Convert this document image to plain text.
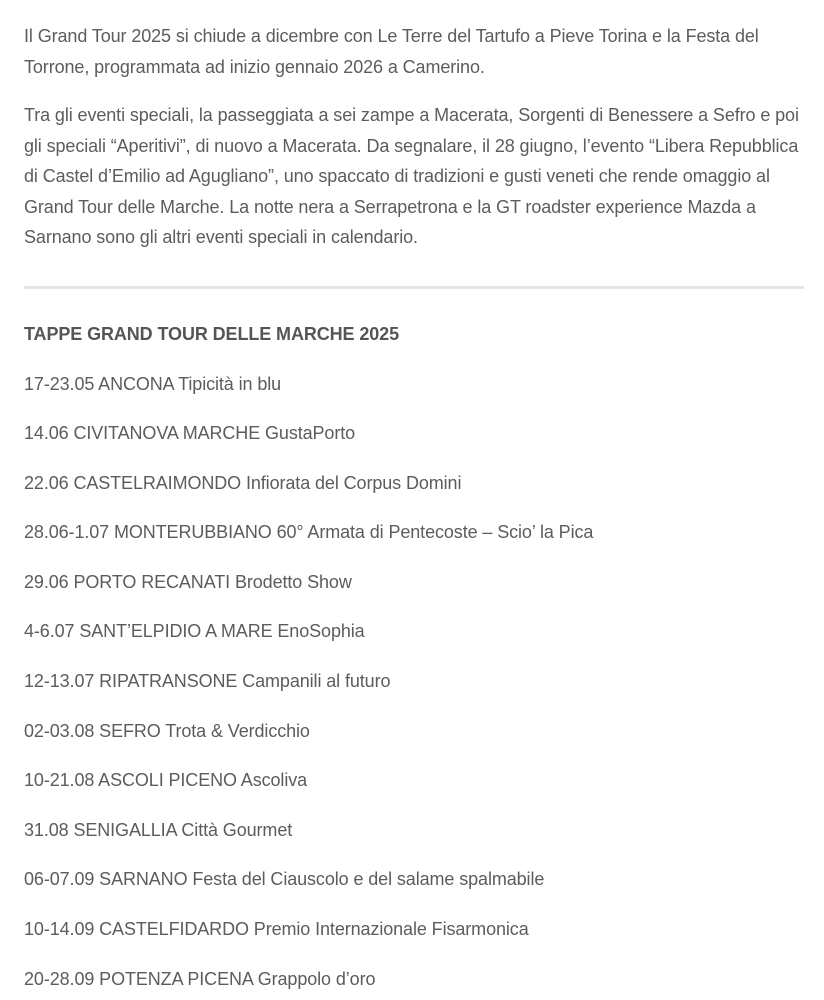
Il Grand Tour 2025 si chiude a dicembre con Le Terre del Tartufo a Pieve Torina e la Festa del Torrone, programmata ad inizio gennaio 2026 a Camerino.

Tra gli eventi speciali, la passeggiata a sei zampe a Macerata, Sorgenti di Benessere a Sefro e poi gli speciali “Aperitivi”, di nuovo a Macerata. Da segnalare, il 28 giugno, l’evento “Libera Repubblica di Castel d’Emilio ad Agugliano”, uno spaccato di tradizioni e gusti veneti che rende omaggio al Grand Tour delle Marche. La notte nera a Serrapetrona e la GT roadster experience Mazda a Sarnano sono gli altri eventi speciali in calendario.

TAPPE GRAND TOUR DELLE MARCHE 2025
17-23.05 ANCONA Tipicità in blu
14.06 CIVITANOVA MARCHE GustaPorto
22.06 CASTELRAIMONDO Infiorata del Corpus Domini
28.06-1.07 MONTERUBBIANO 60° Armata di Pentecoste – Scio’ la Pica
29.06 PORTO RECANATI Brodetto Show
4-6.07 SANT’ELPIDIO A MARE EnoSophia
12-13.07 RIPATRANSONE Campanili al futuro
02-03.08 SEFRO Trota & Verdicchio
10-21.08 ASCOLI PICENO Ascoliva
31.08 SENIGALLIA Città Gourmet
06-07.09 SARNANO Festa del Ciauscolo e del salame spalmabile
10-14.09 CASTELFIDARDO Premio Internazionale Fisarmonica
20-28.09 POTENZA PICENA Grappolo d’oro
